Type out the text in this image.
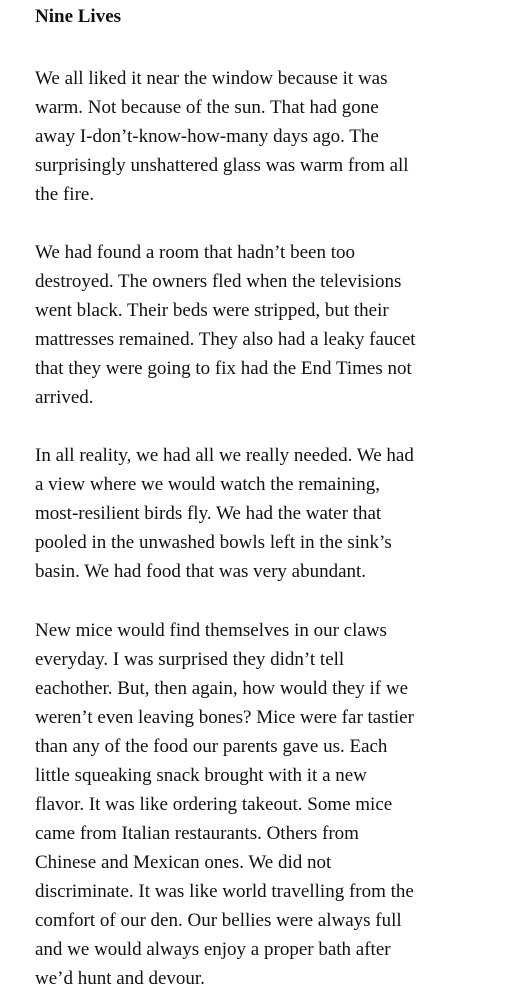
Nine Lives

We all liked it near the window because it was
warm. Not because of the sun. That had gone
away I-don’t-know-how-many days ago. The
surprisingly unshattered glass was warm from all
the fire.

We had found a room that hadn’t been too
destroyed. The owners fled when the televisions
went black. Their beds were stripped, but their
mattresses remained. They also had a leaky faucet
that they were going to fix had the End Times not
arrived.

In all reality, we had all we really needed. We had
a view where we would watch the remaining,
most-resilient birds fly. We had the water that
pooled in the unwashed bowls left in the sink’s
basin. We had food that was very abundant.

New mice would find themselves in our claws
everyday. I was surprised they didn’t tell
eachother. But, then again, how would they if we
weren’t even leaving bones? Mice were far tastier
than any of the food our parents gave us. Each
little squeaking snack brought with it a new
flavor. It was like ordering takeout. Some mice
came from Italian restaurants. Others from
Chinese and Mexican ones. We did not
discriminate. It was like world travelling from the
comfort of our den. Our bellies were always full
and we would always enjoy a proper bath after
we’d hunt and devour.
